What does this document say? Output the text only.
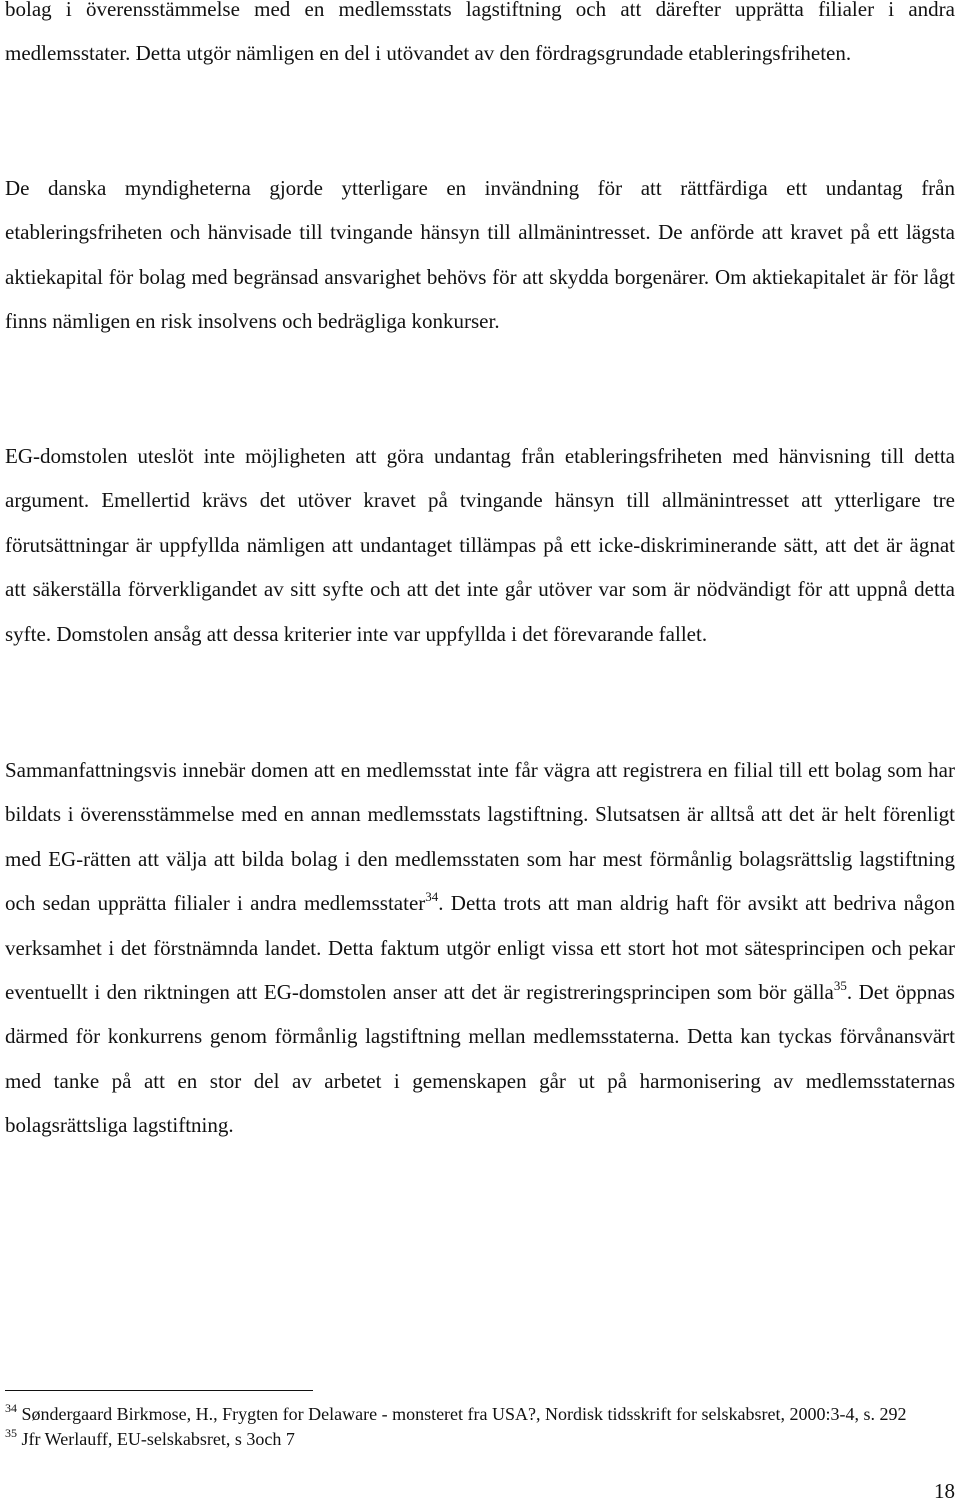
bolag i överensstämmelse med en medlemsstats lagstiftning och att därefter upprätta filialer i andra medlemsstater. Detta utgör nämligen en del i utövandet av den fördragsgrundade etableringsfriheten.

De danska myndigheterna gjorde ytterligare en invändning för att rättfärdiga ett undantag från etableringsfriheten och hänvisade till tvingande hänsyn till allmänintresset. De anförde att kravet på ett lägsta aktiekapital för bolag med begränsad ansvarighet behövs för att skydda borgenärer. Om aktiekapitalet är för lågt finns nämligen en risk insolvens och bedrägliga konkurser.

EG-domstolen uteslöt inte möjligheten att göra undantag från etableringsfriheten med hänvisning till detta argument. Emellertid krävs det utöver kravet på tvingande hänsyn till allmänintresset att ytterligare tre förutsättningar är uppfyllda nämligen att undantaget tillämpas på ett icke-diskriminerande sätt, att det är ägnat att säkerställa förverkligandet av sitt syfte och att det inte går utöver var som är nödvändigt för att uppnå detta syfte. Domstolen ansåg att dessa kriterier inte var uppfyllda i det förevarande fallet.

Sammanfattningsvis innebär domen att en medlemsstat inte får vägra att registrera en filial till ett bolag som har bildats i överensstämmelse med en annan medlemsstats lagstiftning. Slutsatsen är alltså att det är helt förenligt med EG-rätten att välja att bilda bolag i den medlemsstaten som har mest förmånlig bolagsrättslig lagstiftning och sedan upprätta filialer i andra medlemsstater$^{34}$. Detta trots att man aldrig haft för avsikt att bedriva någon verksamhet i det förstnämnda landet. Detta faktum utgör enligt vissa ett stort hot mot sätesprincipen och pekar eventuellt i den riktningen att EG-domstolen anser att det är registreringsprincipen som bör gälla$^{35}$. Det öppnas därmed för konkurrens genom förmånlig lagstiftning mellan medlemsstaterna. Detta kan tyckas förvånansvärt med tanke på att en stor del av arbetet i gemenskapen går ut på harmonisering av medlemsstaternas bolagsrättsliga lagstiftning.

$^{34}$ Søndergaard Birkmose, H., Frygten for Delaware - monsteret fra USA?, Nordisk tidsskrift for selskabsret, 2000:3-4, s. 292

$^{35}$ Jfr Werlauff, EU-selskabsret, s 3och 7

18
